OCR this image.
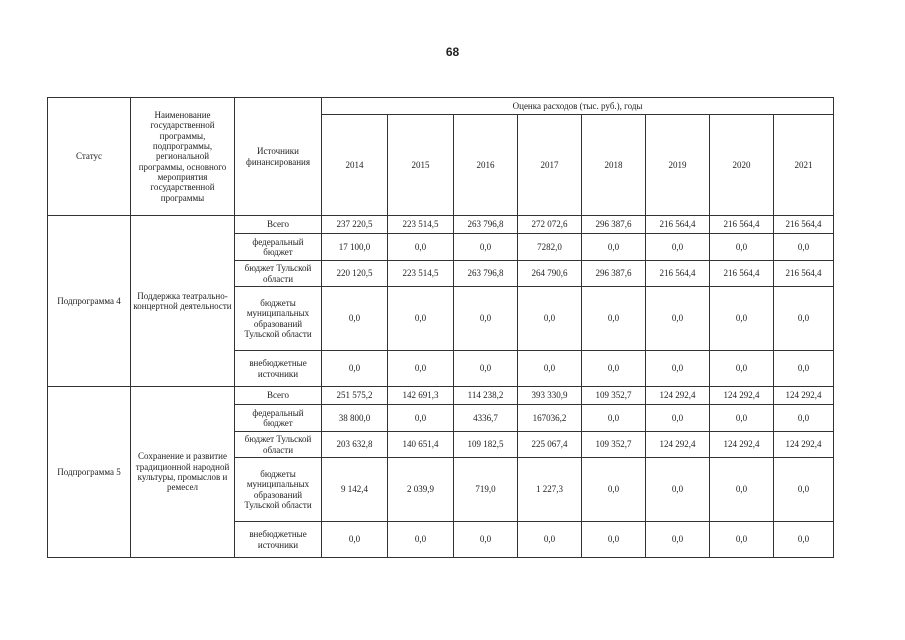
68
Статус	Наименование государственной программы, подпрограммы, региональной программы, основного мероприятия государственной программы	Источники финансирования	Оценка расходов (тыс. руб.), годы							
			2014	2015	2016	2017	2018	2019	2020	2021
Подпрограмма 4	Поддержка театрально-концертной деятельности	Всего	237 220,5	223 514,5	263 796,8	272 072,6	296 387,6	216 564,4	216 564,4	216 564,4
		федеральный бюджет	17 100,0	0,0	0,0	7282,0	0,0	0,0	0,0	0,0
		бюджет Тульской области	220 120,5	223 514,5	263 796,8	264 790,6	296 387,6	216 564,4	216 564,4	216 564,4
		бюджеты муниципальных образований Тульской области	0,0	0,0	0,0	0,0	0,0	0,0	0,0	0,0
		внебюджетные источники	0,0	0,0	0,0	0,0	0,0	0,0	0,0	0,0
Подпрограмма 5	Сохранение и развитие традиционной народной культуры, промыслов и ремесел	Всего	251 575,2	142 691,3	114 238,2	393 330,9	109 352,7	124 292,4	124 292,4	124 292,4
		федеральный бюджет	38 800,0	0,0	4336,7	167036,2	0,0	0,0	0,0	0,0
		бюджет Тульской области	203 632,8	140 651,4	109 182,5	225 067,4	109 352,7	124 292,4	124 292,4	124 292,4
		бюджеты муниципальных образований Тульской области	9 142,4	2 039,9	719,0	1 227,3	0,0	0,0	0,0	0,0
		внебюджетные источники	0,0	0,0	0,0	0,0	0,0	0,0	0,0	0,0
